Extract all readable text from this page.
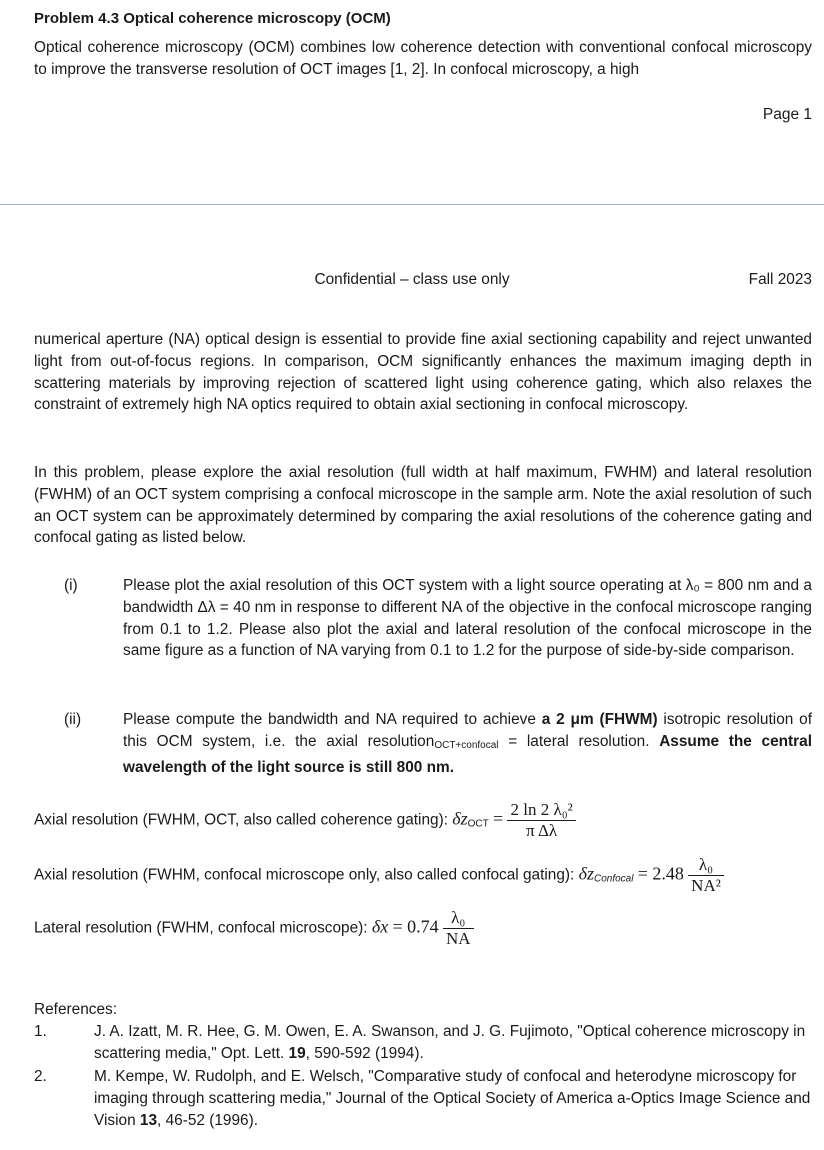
Problem 4.3 Optical coherence microscopy (OCM)
Optical coherence microscopy (OCM) combines low coherence detection with conventional confocal microscopy to improve the transverse resolution of OCT images [1, 2]. In confocal microscopy, a high
Page 1
Confidential – class use only	Fall 2023
numerical aperture (NA) optical design is essential to provide fine axial sectioning capability and reject unwanted light from out-of-focus regions. In comparison, OCM significantly enhances the maximum imaging depth in scattering materials by improving rejection of scattered light using coherence gating, which also relaxes the constraint of extremely high NA optics required to obtain axial sectioning in confocal microscopy.
In this problem, please explore the axial resolution (full width at half maximum, FWHM) and lateral resolution (FWHM) of an OCT system comprising a confocal microscope in the sample arm. Note the axial resolution of such an OCT system can be approximately determined by comparing the axial resolutions of the coherence gating and confocal gating as listed below.
(i)	Please plot the axial resolution of this OCT system with a light source operating at λ₀ = 800 nm and a bandwidth Δλ = 40 nm in response to different NA of the objective in the confocal microscope ranging from 0.1 to 1.2. Please also plot the axial and lateral resolution of the confocal microscope in the same figure as a function of NA varying from 0.1 to 1.2 for the purpose of side-by-side comparison.
(ii)	Please compute the bandwidth and NA required to achieve a 2 μm (FHWM) isotropic resolution of this OCM system, i.e. the axial resolution$_{OCT+confocal}$ = lateral resolution. Assume the central wavelength of the light source is still 800 nm.
Axial resolution (FWHM, OCT, also called coherence gating): $\delta z_{OCT} = \frac{\text{2 ln 2 λ₀²}}{\text{π Δλ}}$
Axial resolution (FWHM, confocal microscope only, also called confocal gating): $\delta z_{Confocal} = 2.48 \frac{\text{λ₀}}{\text{NA²}}$
Lateral resolution (FWHM, confocal microscope): $\delta x = 0.74 \frac{\text{λ₀}}{NA}$
References:
1.	J. A. Izatt, M. R. Hee, G. M. Owen, E. A. Swanson, and J. G. Fujimoto, "Optical coherence microscopy in scattering media," Opt. Lett. 19, 590-592 (1994).
2.	M. Kempe, W. Rudolph, and E. Welsch, "Comparative study of confocal and heterodyne microscopy for imaging through scattering media," Journal of the Optical Society of America a-Optics Image Science and Vision 13, 46-52 (1996).
